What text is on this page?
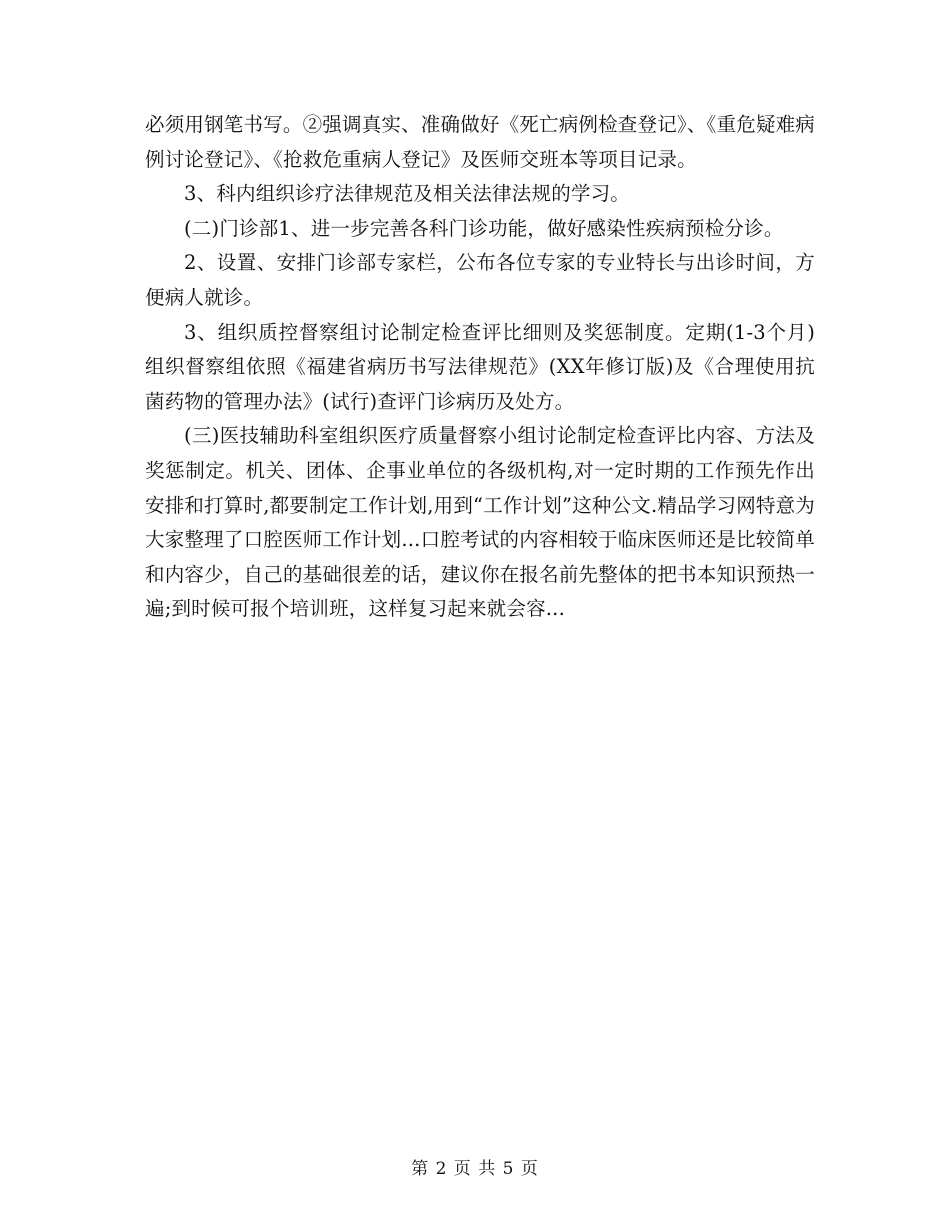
必须用钢笔书写。②强调真实、准确做好《死亡病例检查登记》、《重危疑难病例讨论登记》、《抢救危重病人登记》及医师交班本等项目记录。

3、科内组织诊疗法律规范及相关法律法规的学习。

(二)门诊部1、进一步完善各科门诊功能，做好感染性疾病预检分诊。

2、设置、安排门诊部专家栏，公布各位专家的专业特长与出诊时间，方便病人就诊。

3、组织质控督察组讨论制定检查评比细则及奖惩制度。定期(1-3个月)组织督察组依照《福建省病历书写法律规范》(XX年修订版)及《合理使用抗菌药物的管理办法》(试行)查评门诊病历及处方。

(三)医技辅助科室组织医疗质量督察小组讨论制定检查评比内容、方法及奖惩制定。机关、团体、企事业单位的各级机构,对一定时期的工作预先作出安排和打算时,都要制定工作计划,用到“工作计划”这种公文.精品学习网特意为大家整理了口腔医师工作计划...口腔考试的内容相较于临床医师还是比较简单和内容少，自己的基础很差的话，建议你在报名前先整体的把书本知识预热一遍;到时候可报个培训班，这样复习起来就会容...

第 2 页 共 5 页
